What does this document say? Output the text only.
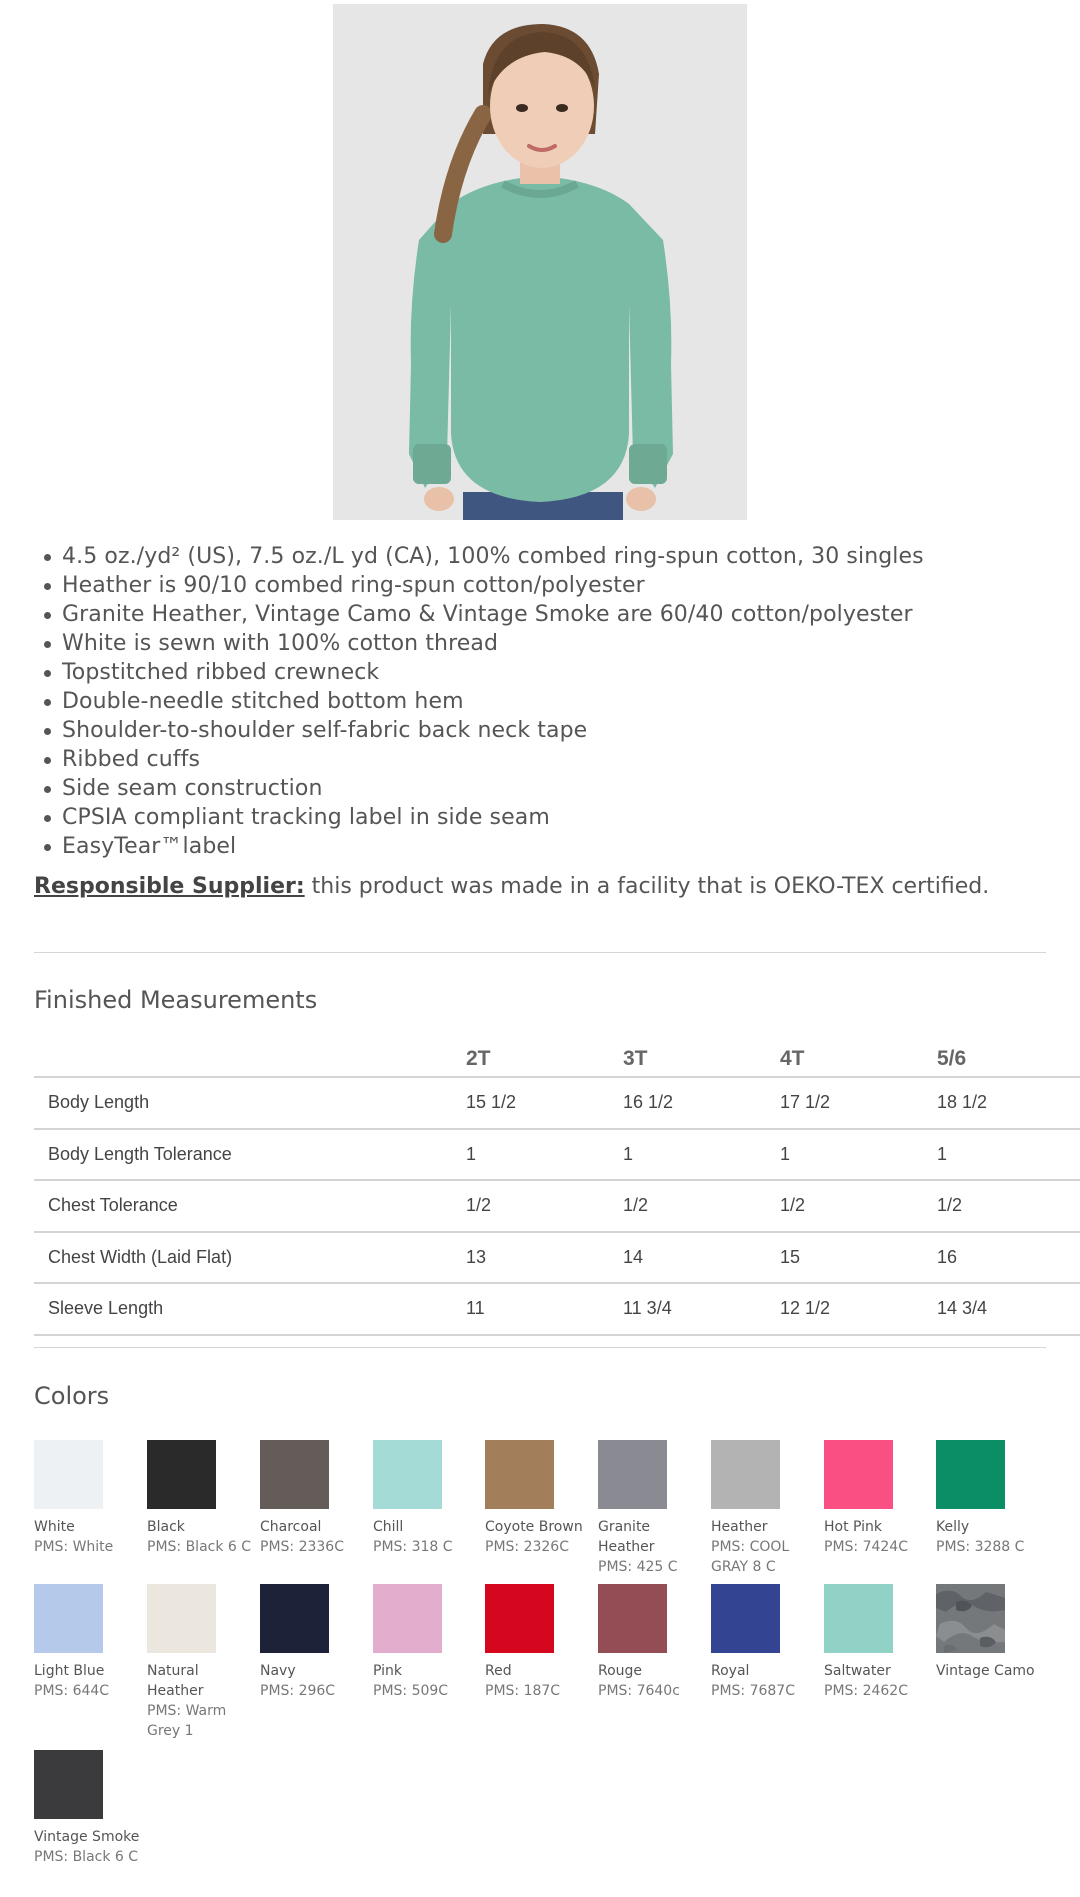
4.5 oz./yd² (US), 7.5 oz./L yd (CA), 100% combed ring-spun cotton, 30 singles
Heather is 90/10 combed ring-spun cotton/polyester
Granite Heather, Vintage Camo & Vintage Smoke are 60/40 cotton/polyester
White is sewn with 100% cotton thread
Topstitched ribbed crewneck
Double-needle stitched bottom hem
Shoulder-to-shoulder self-fabric back neck tape
Ribbed cuffs
Side seam construction
CPSIA compliant tracking label in side seam
EasyTear™label
Responsible Supplier: this product was made in a facility that is OEKO-TEX certified.
Finished Measurements
	2T	3T	4T	5/6
Body Length	15 1/2	16 1/2	17 1/2	18 1/2
Body Length Tolerance	1	1	1	1
Chest Tolerance	1/2	1/2	1/2	1/2
Chest Width (Laid Flat)	13	14	15	16
Sleeve Length	11	11 3/4	12 1/2	14 3/4
Colors
White
PMS: White
Black
PMS: Black 6 C
Charcoal
PMS: 2336C
Chill
PMS: 318 C
Coyote Brown
PMS: 2326C
Granite Heather
PMS: 425 C
Heather
PMS: COOL GRAY 8 C
Hot Pink
PMS: 7424C
Kelly
PMS: 3288 C
Light Blue
PMS: 644C
Natural Heather
PMS: Warm Grey 1
Navy
PMS: 296C
Pink
PMS: 509C
Red
PMS: 187C
Rouge
PMS: 7640c
Royal
PMS: 7687C
Saltwater
PMS: 2462C
Vintage Camo
Vintage Smoke
PMS: Black 6 C
